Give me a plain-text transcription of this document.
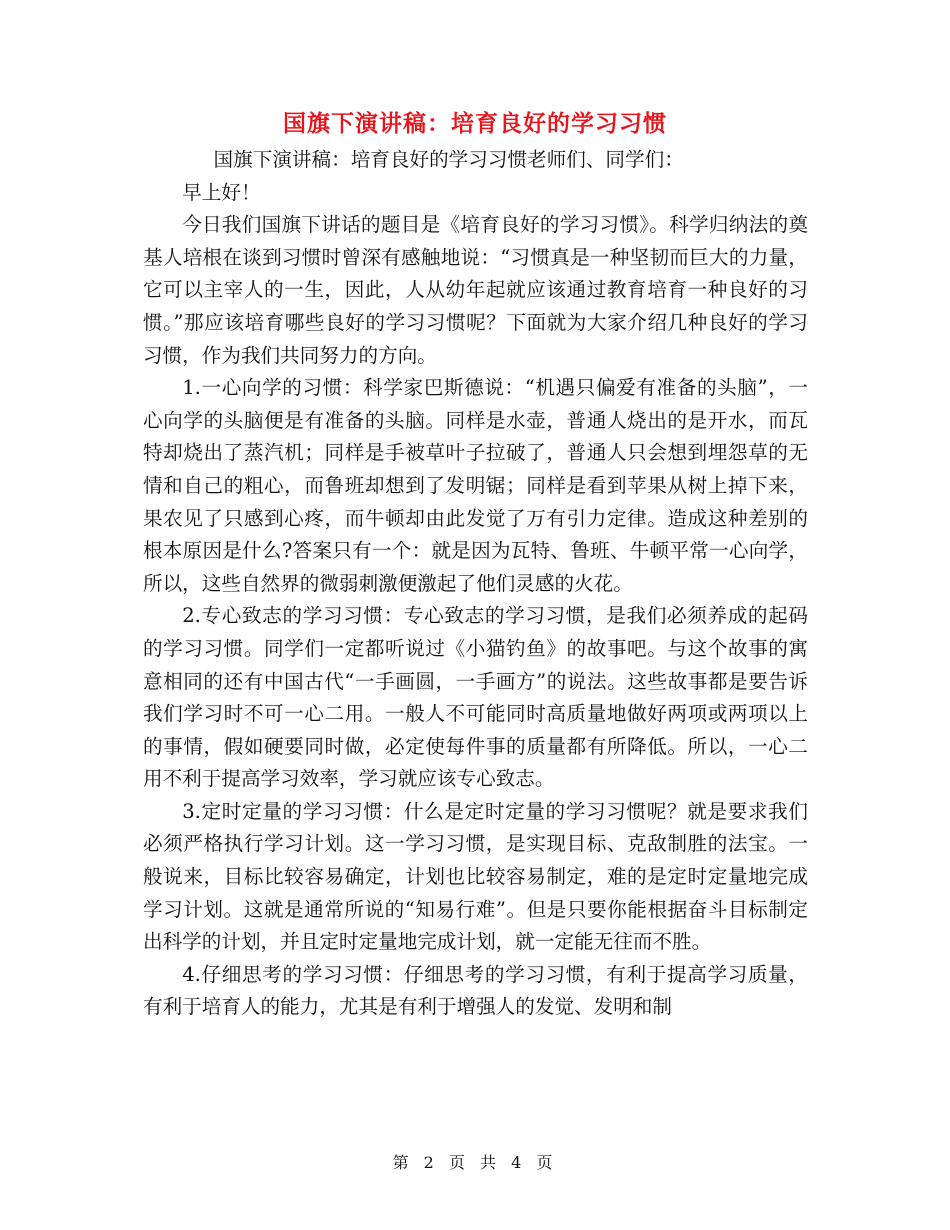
国旗下演讲稿：培育良好的学习习惯

国旗下演讲稿：培育良好的学习习惯老师们、同学们：

早上好！

今日我们国旗下讲话的题目是《培育良好的学习习惯》。科学归纳法的奠基人培根在谈到习惯时曾深有感触地说：“习惯真是一种坚韧而巨大的力量，它可以主宰人的一生，因此，人从幼年起就应该通过教育培育一种良好的习惯。”那应该培育哪些良好的学习习惯呢？下面就为大家介绍几种良好的学习习惯，作为我们共同努力的方向。

1.一心向学的习惯：科学家巴斯德说：“机遇只偏爱有准备的头脑”，一心向学的头脑便是有准备的头脑。同样是水壶，普通人烧出的是开水，而瓦特却烧出了蒸汽机；同样是手被草叶子拉破了，普通人只会想到埋怨草的无情和自己的粗心，而鲁班却想到了发明锯；同样是看到苹果从树上掉下来，果农见了只感到心疼，而牛顿却由此发觉了万有引力定律。造成这种差别的根本原因是什么?答案只有一个：就是因为瓦特、鲁班、牛顿平常一心向学，所以，这些自然界的微弱刺激便激起了他们灵感的火花。

2.专心致志的学习习惯：专心致志的学习习惯，是我们必须养成的起码的学习习惯。同学们一定都听说过《小猫钓鱼》的故事吧。与这个故事的寓意相同的还有中国古代“一手画圆，一手画方”的说法。这些故事都是要告诉我们学习时不可一心二用。一般人不可能同时高质量地做好两项或两项以上的事情，假如硬要同时做，必定使每件事的质量都有所降低。所以，一心二用不利于提高学习效率，学习就应该专心致志。

3.定时定量的学习习惯：什么是定时定量的学习习惯呢？就是要求我们必须严格执行学习计划。这一学习习惯，是实现目标、克敌制胜的法宝。一般说来，目标比较容易确定，计划也比较容易制定，难的是定时定量地完成学习计划。这就是通常所说的“知易行难”。但是只要你能根据奋斗目标制定出科学的计划，并且定时定量地完成计划，就一定能无往而不胜。

4.仔细思考的学习习惯：仔细思考的学习习惯，有利于提高学习质量，有利于培育人的能力，尤其是有利于增强人的发觉、发明和制

第 2 页 共 4 页
